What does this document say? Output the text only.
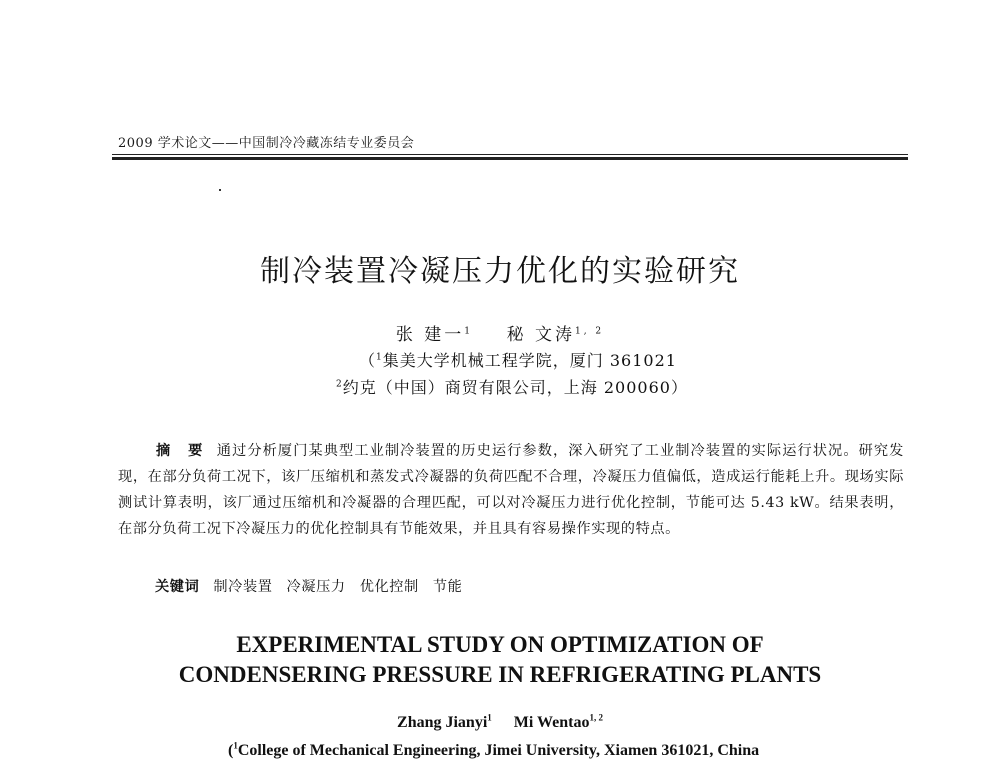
2009 学术论文——中国制冷冷藏冻结专业委员会
制冷装置冷凝压力优化的实验研究
张 建一$^1$ 秘 文涛$^{1, 2}$
（$^1$集美大学机械工程学院，厦门 361021
$^2$约克（中国）商贸有限公司，上海 200060）
摘 要 通过分析厦门某典型工业制冷装置的历史运行参数，深入研究了工业制冷装置的实际运行状况。研究发现，在部分负荷工况下，该厂压缩机和蒸发式冷凝器的负荷匹配不合理，冷凝压力值偏低，造成运行能耗上升。现场实际测试计算表明，该厂通过压缩机和冷凝器的合理匹配，可以对冷凝压力进行优化控制，节能可达 5.43 kW。结果表明，在部分负荷工况下冷凝压力的优化控制具有节能效果，并且具有容易操作实现的特点。
关键词 制冷装置 冷凝压力 优化控制 节能
EXPERIMENTAL STUDY ON OPTIMIZATION OF
CONDENSERING PRESSURE IN REFRIGERATING PLANTS
Zhang Jianyi$^1$ Mi Wentao$^{1, 2}$
($^1$College of Mechanical Engineering, Jimei University, Xiamen 361021, China
